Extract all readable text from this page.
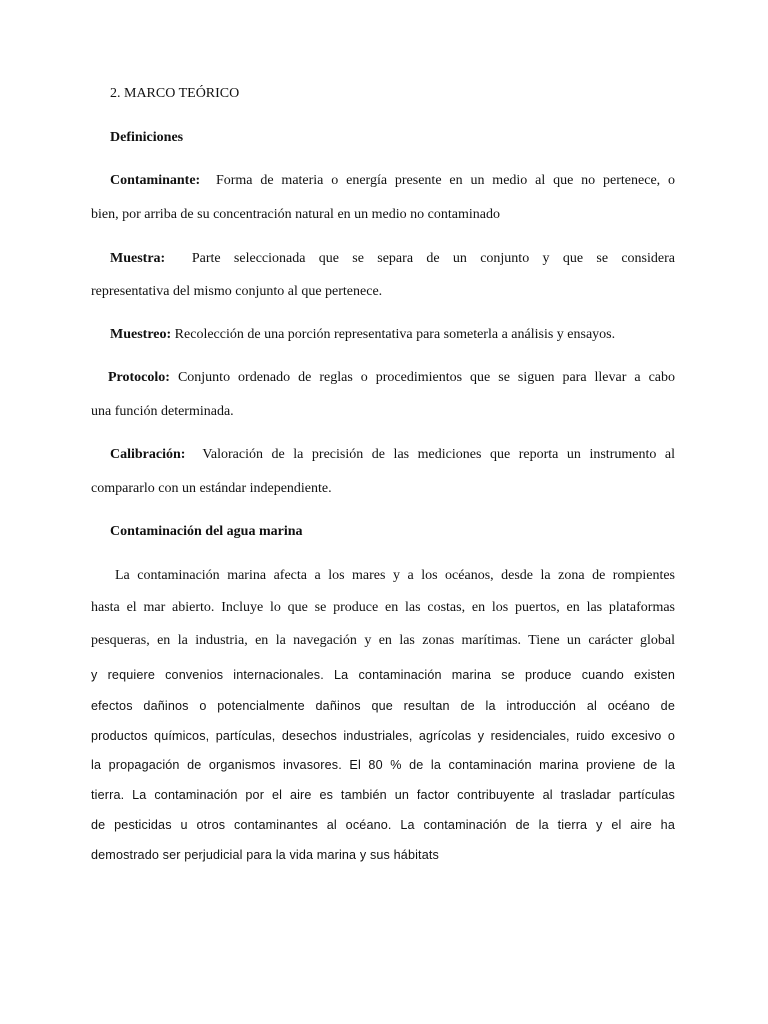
2. MARCO TEÓRICO
Definiciones
Contaminante: Forma de materia o energía presente en un medio al que no pertenece, o
bien, por arriba de su concentración natural en un medio no contaminado
Muestra: Parte seleccionada que se separa de un conjunto y que se considera
representativa del mismo conjunto al que pertenece.
Muestreo: Recolección de una porción representativa para someterla a análisis y ensayos.
Protocolo: Conjunto ordenado de reglas o procedimientos que se siguen para llevar a cabo
una función determinada.
Calibración: Valoración de la precisión de las mediciones que reporta un instrumento al
compararlo con un estándar independiente.
Contaminación del agua marina
La contaminación marina afecta a los mares y a los océanos, desde la zona de rompientes
hasta el mar abierto. Incluye lo que se produce en las costas, en los puertos, en las plataformas
pesqueras, en la industria, en la navegación y en las zonas marítimas. Tiene un carácter global
y requiere convenios internacionales. La contaminación marina se produce cuando existen
efectos dañinos o potencialmente dañinos que resultan de la introducción al océano de
productos químicos, partículas, desechos industriales, agrícolas y residenciales, ruido excesivo o
la propagación de organismos invasores. El 80 % de la contaminación marina proviene de la
tierra. La contaminación por el aire es también un factor contribuyente al trasladar partículas
de pesticidas u otros contaminantes al océano. La contaminación de la tierra y el aire ha
demostrado ser perjudicial para la vida marina y sus hábitats
